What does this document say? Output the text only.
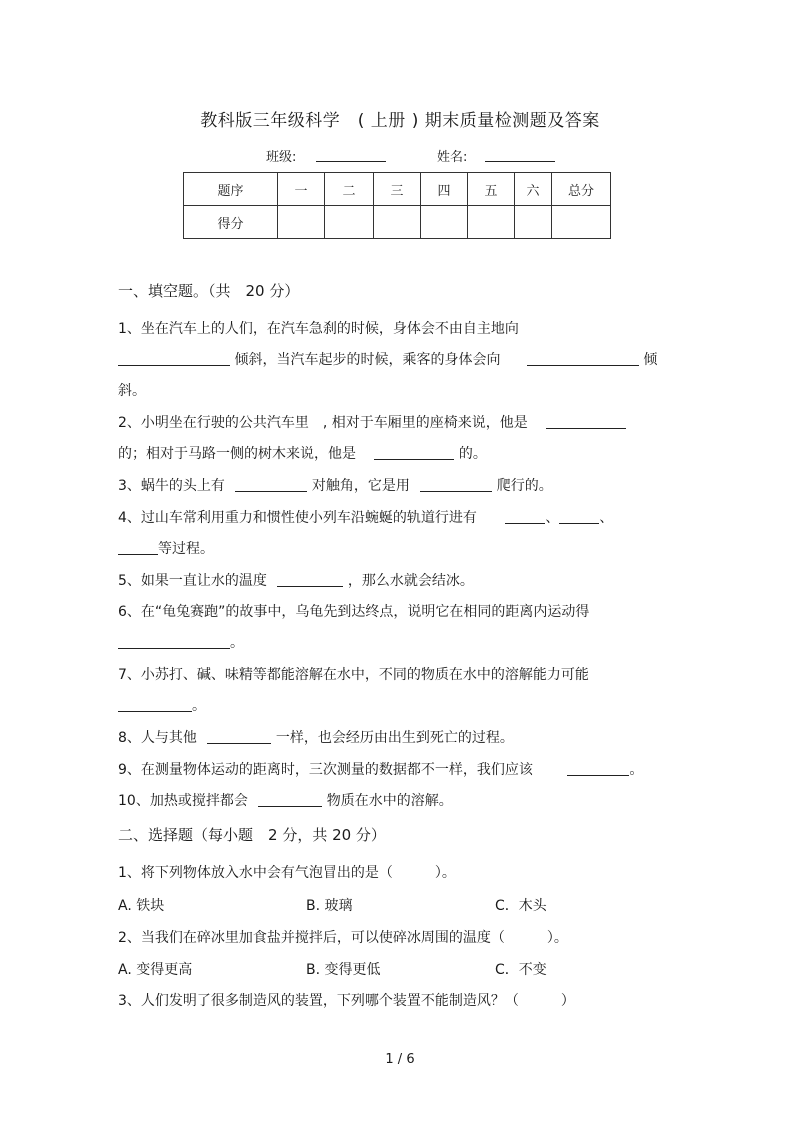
教科版三年级科学　( 上册 ) 期末质量检测题及答案
班级:	姓名:
题序	一	二	三	四	五	六	总分
得分							
一、填空题。（共　20 分）
1、坐在汽车上的人们，在汽车急刹的时候，身体会不由自主地向
倾斜，当汽车起步的时候，乘客的身体会向	倾
斜。
2、小明坐在行驶的公共汽车里　, 相对于车厢里的座椅来说，他是
的；相对于马路一侧的树木来说，他是	的。
3、蜗牛的头上有	对触角，它是用	爬行的。
4、过山车常利用重力和惯性使小列车沿蜿蜒的轨道行进有	、	、
等过程。
5、如果一直让水的温度	，那么水就会结冰。
6、在“龟兔赛跑”的故事中，乌龟先到达终点，说明它在相同的距离内运动得
。
7、小苏打、碱、味精等都能溶解在水中，不同的物质在水中的溶解能力可能
。
8、人与其他	一样，也会经历由出生到死亡的过程。
9、在测量物体运动的距离时，三次测量的数据都不一样，我们应该	。
10、加热或搅拌都会	物质在水中的溶解。
二、选择题（每小题　2 分，共 20 分）
1、将下列物体放入水中会有气泡冒出的是（　　　）。
A. 铁块	B. 玻璃	C．木头
2、当我们在碎冰里加食盐并搅拌后，可以使碎冰周围的温度（　　　）。
A. 变得更高	B. 变得更低	C．不变
3、人们发明了很多制造风的装置，下列哪个装置不能制造风？（　　　）
1 / 6
